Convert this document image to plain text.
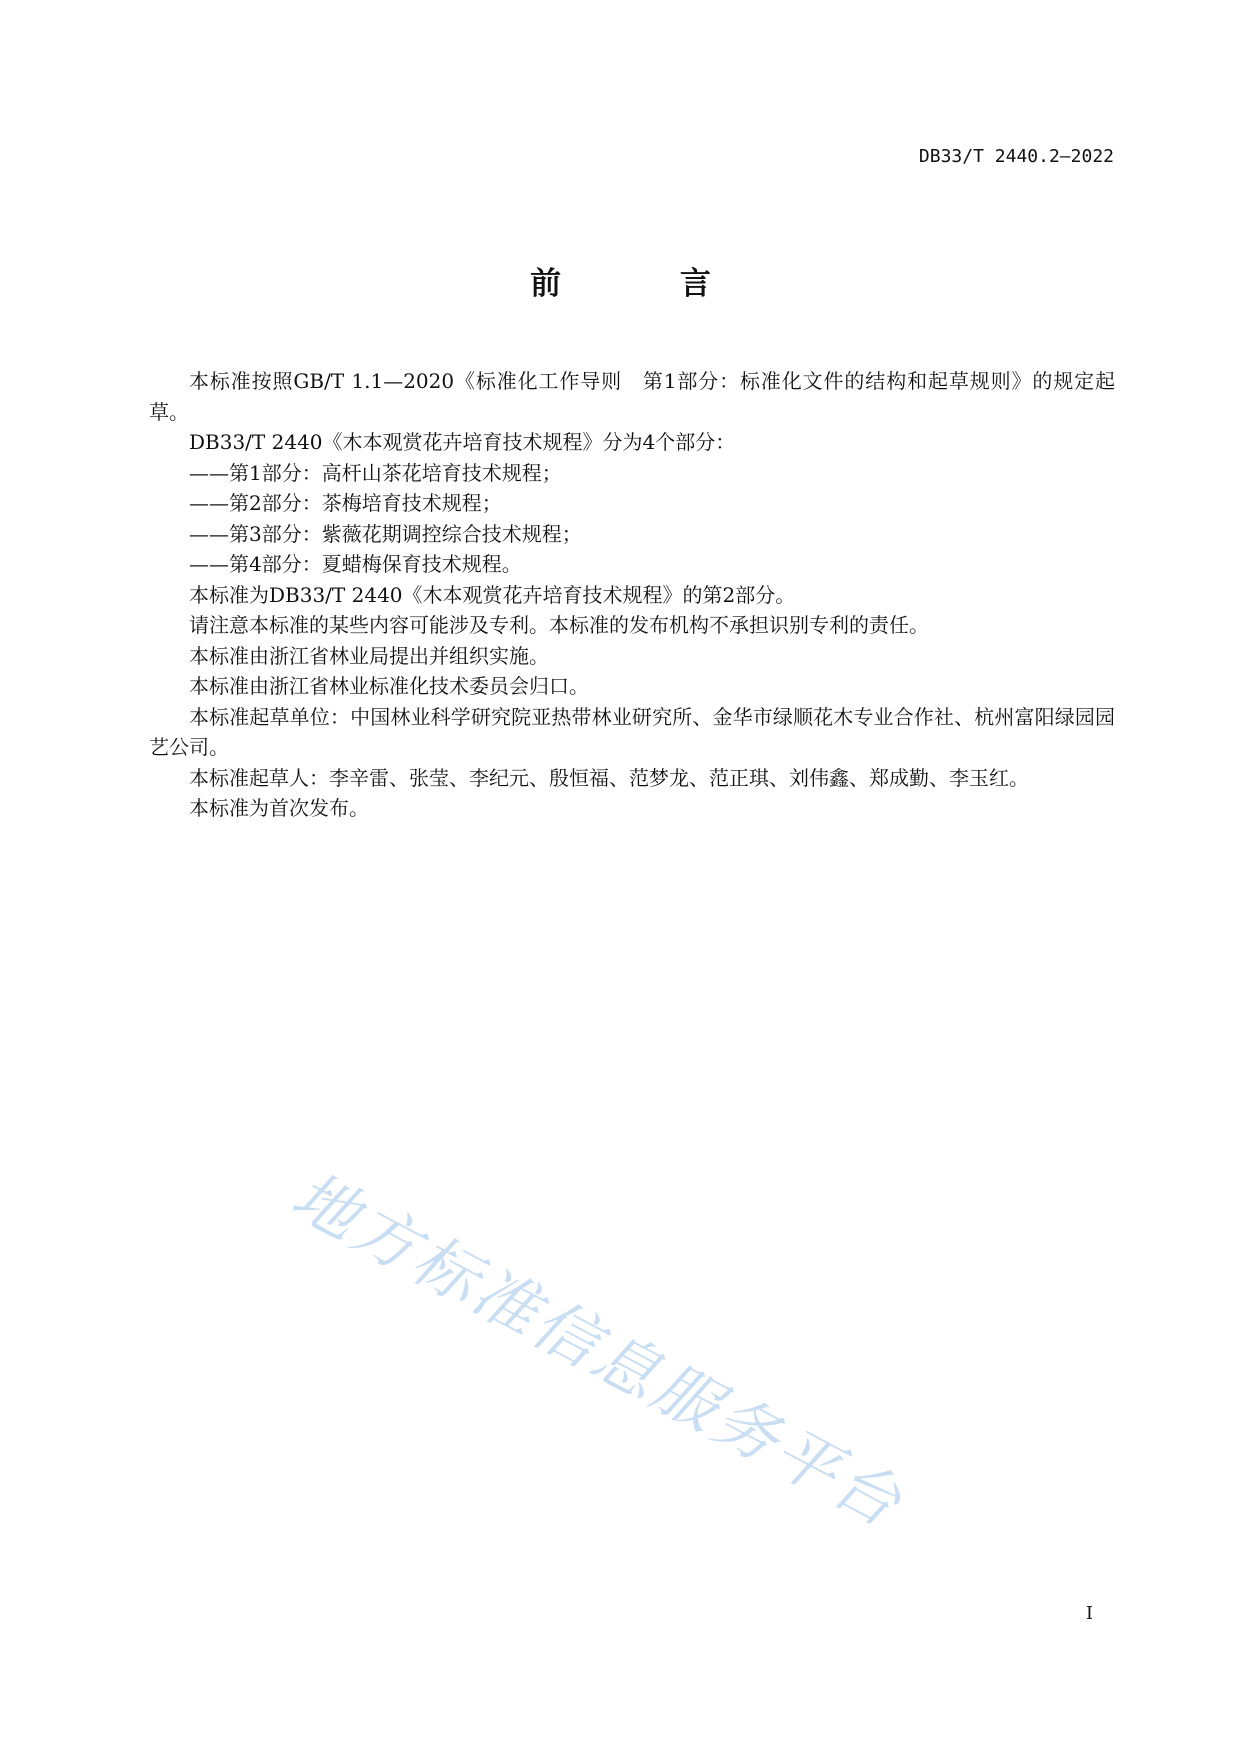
DB33/T 2440.2—2022
前 言

本标准按照GB/T 1.1—2020《标准化工作导则　第1部分：标准化文件的结构和起草规则》的规定起草。

DB33/T 2440《木本观赏花卉培育技术规程》分为4个部分：

——第1部分：高杆山茶花培育技术规程；

——第2部分：茶梅培育技术规程；

——第3部分：紫薇花期调控综合技术规程；

——第4部分：夏蜡梅保育技术规程。

本标准为DB33/T 2440《木本观赏花卉培育技术规程》的第2部分。

请注意本标准的某些内容可能涉及专利。本标准的发布机构不承担识别专利的责任。

本标准由浙江省林业局提出并组织实施。

本标准由浙江省林业标准化技术委员会归口。

本标准起草单位：中国林业科学研究院亚热带林业研究所、金华市绿顺花木专业合作社、杭州富阳绿园园艺公司。

本标准起草人：李辛雷、张莹、李纪元、殷恒福、范梦龙、范正琪、刘伟鑫、郑成勤、李玉红。

本标准为首次发布。

地方标准信息服务平台
I
